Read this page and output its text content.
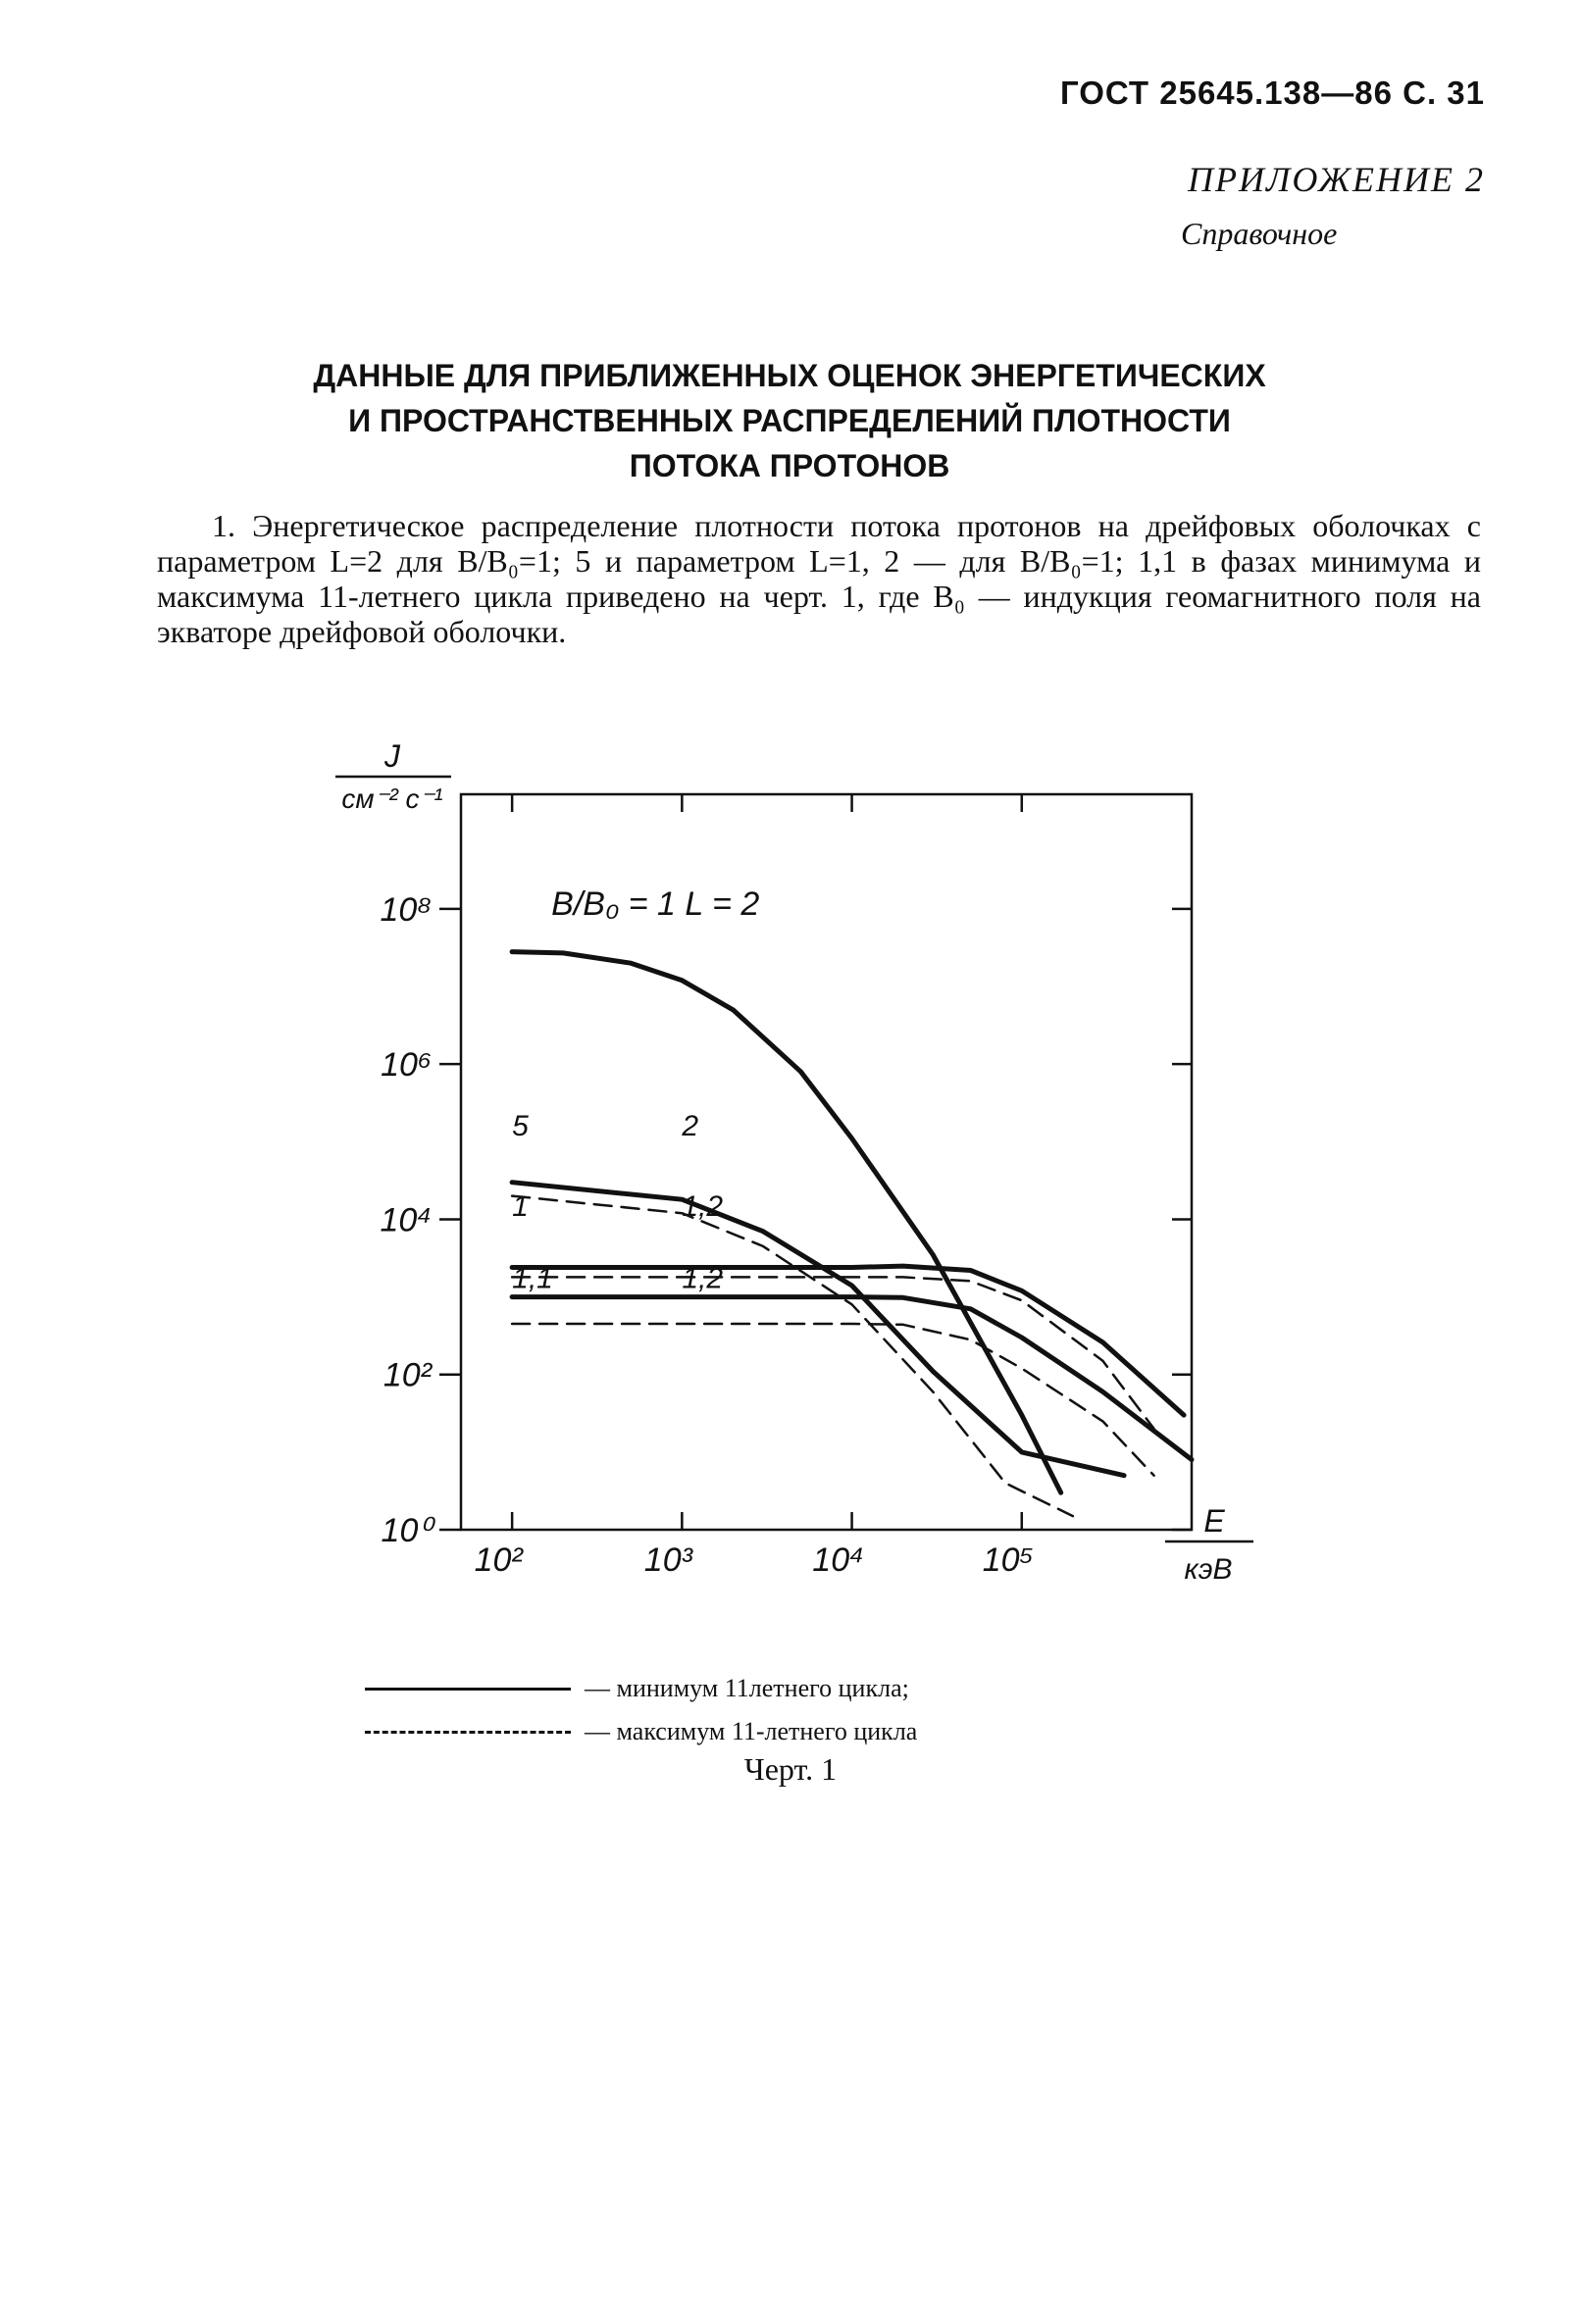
ГОСТ 25645.138—86 С. 31
ПРИЛОЖЕНИЕ 2
Справочное
ДАННЫЕ ДЛЯ ПРИБЛИЖЕННЫХ ОЦЕНОК ЭНЕРГЕТИЧЕСКИХ
И ПРОСТРАНСТВЕННЫХ РАСПРЕДЕЛЕНИЙ ПЛОТНОСТИ
ПОТОКА ПРОТОНОВ

1. Энергетическое распределение плотности потока протонов на дрейфовых оболочках с параметром L=2 для B/B₀=1; 5 и параметром L=1, 2 — для B/B₀=1; 1,1 в фазах минимума и максимума 11-летнего цикла приведено на черт. 1, где B₀ — индукция геомагнитного поля на экваторе дрейфовой оболочки.

10²	10³	10⁴	10⁵
10⁰
10²
10⁴
10⁶
10⁸
J
см⁻² с⁻¹
E
кэВ
B/B₀ = 1 L = 2
5	2
1	1,2
1,1	1,2
— минимум 11летнего цикла;
— максимум 11-летнего цикла
Черт. 1
